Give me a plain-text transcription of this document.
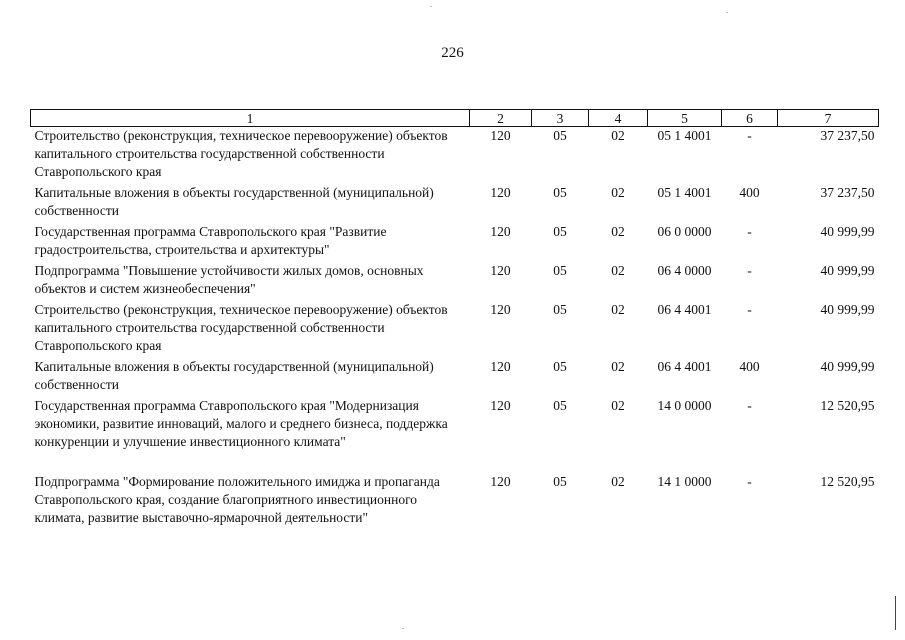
226
1	2	3	4	5	6	7
Строительство (реконструкция, техническое перевооружение) объектов капитального строительства государственной собственности Ставропольского края	120	05	02	05 1 4001	-	37 237,50
Капитальные вложения в объекты государственной (муниципальной) собственности	120	05	02	05 1 4001	400	37 237,50
Государственная программа Ставропольского края "Развитие градостроительства, строительства и архитектуры"	120	05	02	06 0 0000	-	40 999,99
Подпрограмма "Повышение устойчивости жилых домов, основных объектов и систем жизнеобеспечения"	120	05	02	06 4 0000	-	40 999,99
Строительство (реконструкция, техническое перевооружение) объектов капитального строительства государственной собственности Ставропольского края	120	05	02	06 4 4001	-	40 999,99
Капитальные вложения в объекты государственной (муниципальной) собственности	120	05	02	06 4 4001	400	40 999,99
Государственная программа Ставропольского края "Модернизация экономики, развитие инноваций, малого и среднего бизнеса, поддержка конкуренции и улучшение инвестиционного климата"	120	05	02	14 0 0000	-	12 520,95
Подпрограмма "Формирование положительного имиджа и пропаганда Ставропольского края, создание благоприятного инвестиционного климата, развитие выставочно-ярмарочной деятельности"	120	05	02	14 1 0000	-	12 520,95
